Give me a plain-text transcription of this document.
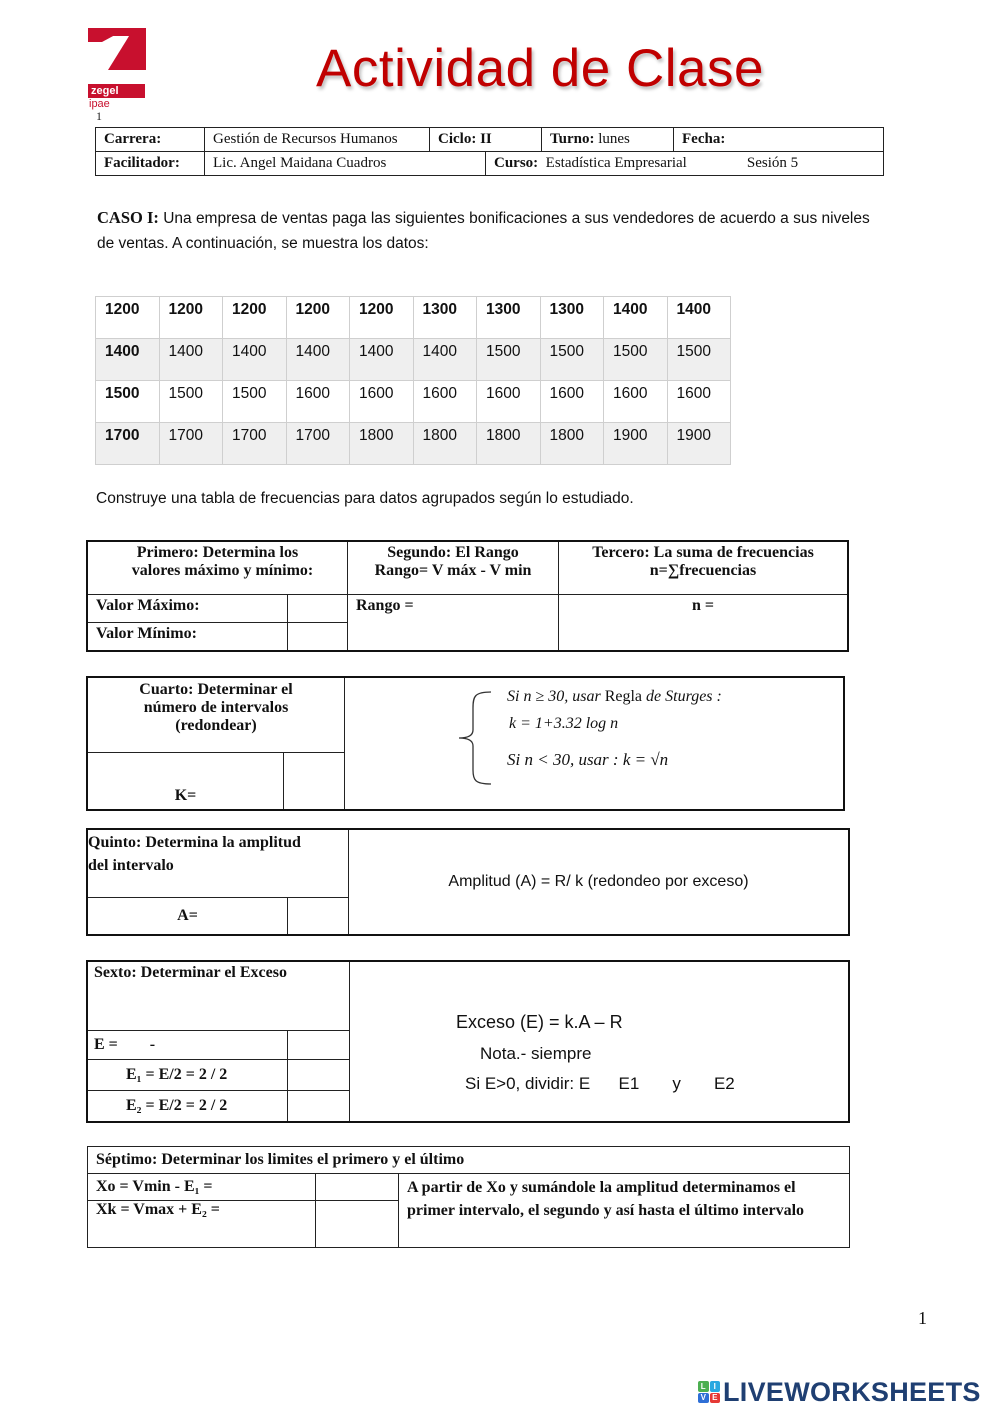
zegel
ipae
1
Actividad de Clase
Carrera:	Gestión de Recursos Humanos	Ciclo: II		Turno: lunes	Fecha:
Facilitador:	Lic. Angel Maidana Cuadros		Curso: Estadística Empresarial Sesión 5		
CASO I: Una empresa de ventas paga las siguientes bonificaciones a sus vendedores de acuerdo a sus niveles de ventas. A continuación, se muestra los datos:
1200	1200	1200	1200	1200	1300	1300	1300	1400	1400
1400	1400	1400	1400	1400	1400	1500	1500	1500	1500
1500	1500	1500	1600	1600	1600	1600	1600	1600	1600
1700	1700	1700	1700	1800	1800	1800	1800	1900	1900
Construye una tabla de frecuencias para datos agrupados según lo estudiado.
Primero: Determina los
valores máximo y mínimo:

Segundo: El Rango
Rango= V máx - V min

Tercero: La suma de frecuencias
n=∑frecuencias

Valor Máximo:		Rango =	n =
Valor Mínimo:			
Cuarto: Determinar el
número de intervalos
(redondear)

Si n ≥ 30, usar Regla de Sturges :
k = 1+3.32 log n
Si n < 30, usar : k = √n

K=		
Quinto: Determina la amplitud
del intervalo		Amplitud (A) = R/ k (redondeo por exceso)
A=		
Sexto: Determinar el Exceso		Exceso (E) = k.A – R
Nota.- siempre
Si E>0, dividir: E      E1       y       E2

E =        -		
E₁ = E/2 = 2 / 2		
E₂ = E/2 = 2 / 2		
Séptimo: Determinar los limites el primero y el último		
Xo = Vmin - E₁ =		A partir de Xo y sumándole la amplitud determinamos el primer intervalo, el segundo y así hasta el último intervalo
Xk = Vmax + E₂ =		
1
L I
V E LIVEWORKSHEETS
